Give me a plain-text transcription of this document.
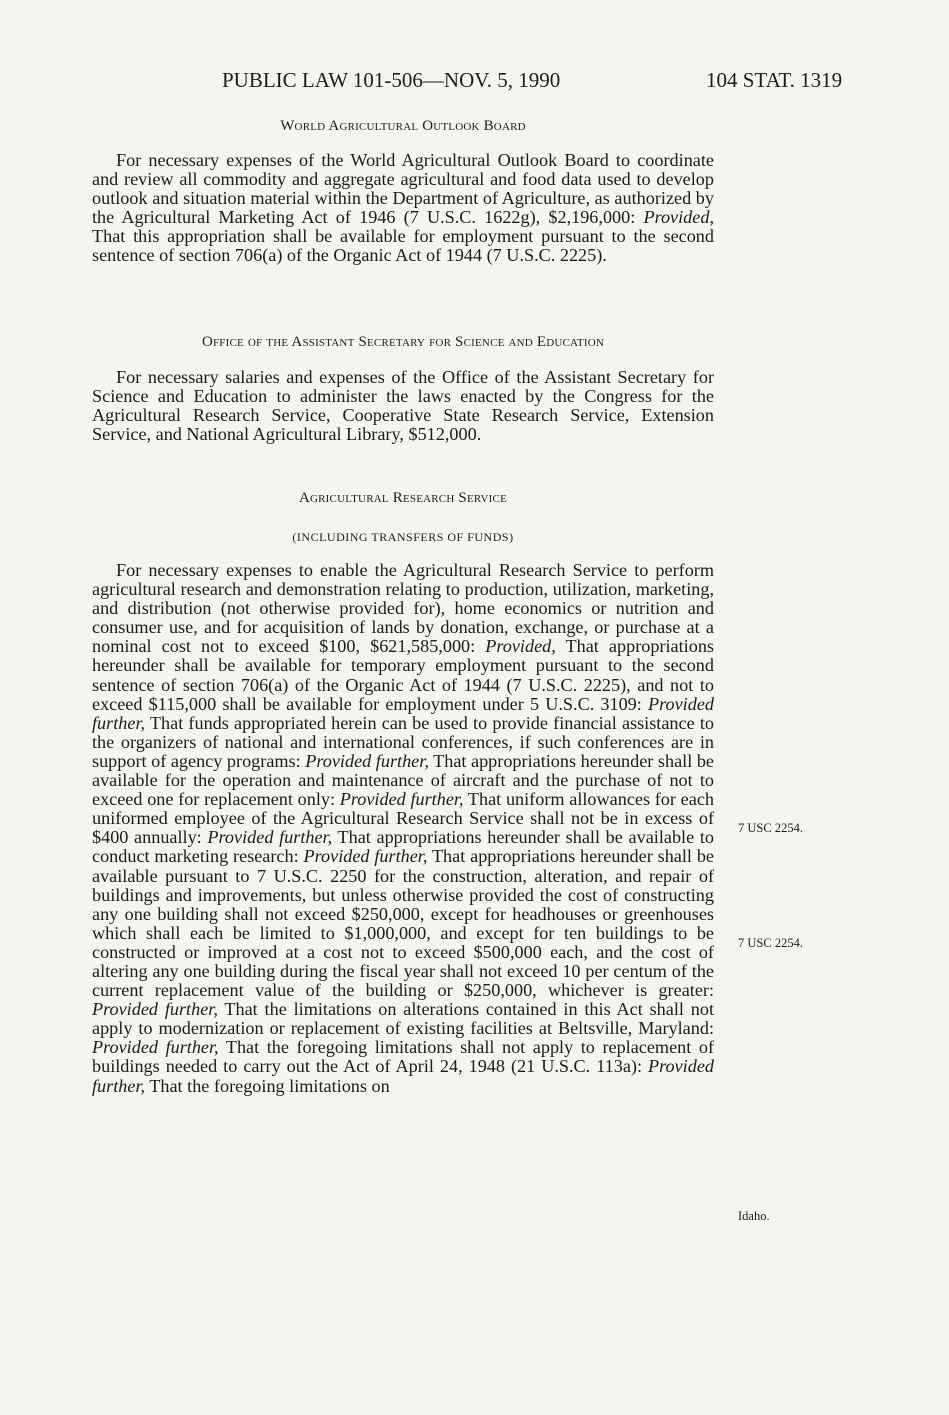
PUBLIC LAW 101-506—NOV. 5, 1990	104 STAT. 1319
World Agricultural Outlook Board

For necessary expenses of the World Agricultural Outlook Board to coordinate and review all commodity and aggregate agricultural and food data used to develop outlook and situation material within the Department of Agriculture, as authorized by the Agricultural Marketing Act of 1946 (7 U.S.C. 1622g), $2,196,000: Provided, That this appropriation shall be available for employment pursuant to the second sentence of section 706(a) of the Organic Act of 1944 (7 U.S.C. 2225).

Office of the Assistant Secretary for Science and Education

For necessary salaries and expenses of the Office of the Assistant Secretary for Science and Education to administer the laws enacted by the Congress for the Agricultural Research Service, Cooperative State Research Service, Extension Service, and National Agricultural Library, $512,000.

Agricultural Research Service
(INCLUDING TRANSFERS OF FUNDS)

For necessary expenses to enable the Agricultural Research Service to perform agricultural research and demonstration relating to production, utilization, marketing, and distribution (not otherwise provided for), home economics or nutrition and consumer use, and for acquisition of lands by donation, exchange, or purchase at a nominal cost not to exceed $100, $621,585,000: Provided, That appropriations hereunder shall be available for temporary employment pursuant to the second sentence of section 706(a) of the Organic Act of 1944 (7 U.S.C. 2225), and not to exceed $115,000 shall be available for employment under 5 U.S.C. 3109: Provided further, That funds appropriated herein can be used to provide financial assistance to the organizers of national and international conferences, if such conferences are in support of agency programs: Provided further, That appropriations hereunder shall be available for the operation and maintenance of aircraft and the purchase of not to exceed one for replacement only: Provided further, That uniform allowances for each uniformed employee of the Agricultural Research Service shall not be in excess of $400 annually: Provided further, That appropriations hereunder shall be available to conduct marketing research: Provided further, That appropriations hereunder shall be available pursuant to 7 U.S.C. 2250 for the construction, alteration, and repair of buildings and improvements, but unless otherwise provided the cost of constructing any one building shall not exceed $250,000, except for headhouses or greenhouses which shall each be limited to $1,000,000, and except for ten buildings to be constructed or improved at a cost not to exceed $500,000 each, and the cost of altering any one building during the fiscal year shall not exceed 10 per centum of the current replacement value of the building or $250,000, whichever is greater: Provided further, That the limitations on alterations contained in this Act shall not apply to modernization or replacement of existing facilities at Beltsville, Maryland: Provided further, That the foregoing limitations shall not apply to replacement of buildings needed to carry out the Act of April 24, 1948 (21 U.S.C. 113a): Provided further, That the foregoing limitations on

7 USC 2254.
7 USC 2254.
Idaho.
